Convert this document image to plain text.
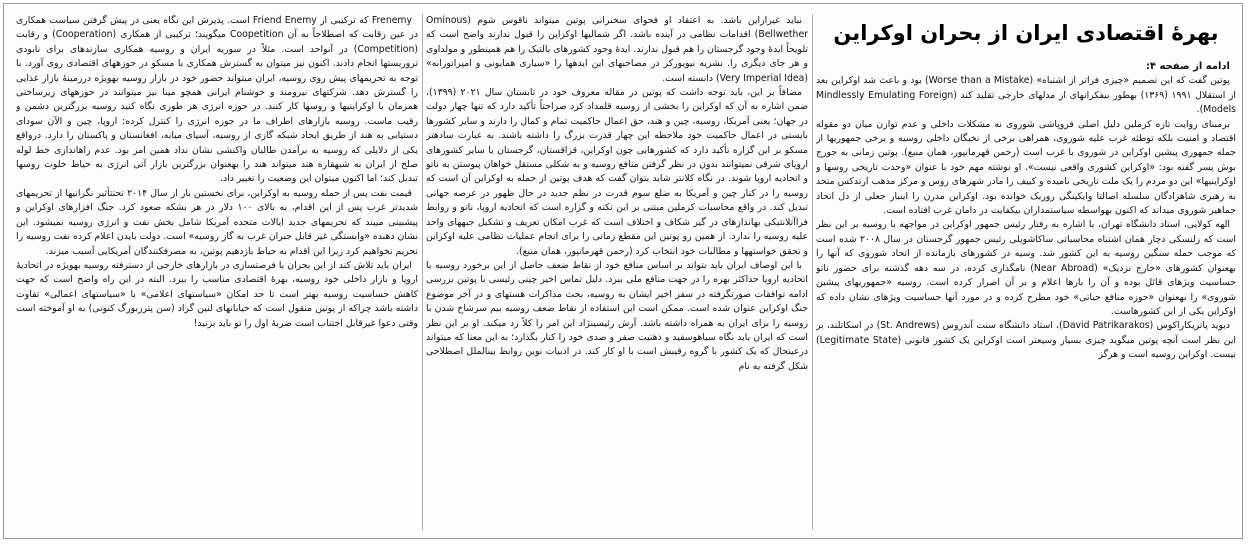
بهرۀ اقتصادی ایران از بحران اوکراین

ادامه از صفحه ۴:

پوتین گفت که این تصمیم «چیزی فراتر از اشتباه» (Worse than a Mistake) بود و باعث شد اوکراین بعد از استقلال ۱۹۹۱ (۱۳۶۹) بهطور بیفکرانهای از مدلهای خارجی تقلید کند (Mindlessly Emulating Foreign Models).

برمبنای روایت تازه کرملین دلیل اصلی فروپاشی شوروی نه مشکلات داخلی و عدم توازن میان دو مقوله اقتصاد و امنیت بلکه توطئه غرب علیه شوروی، همراهی برخی از نخبگان داخلی روسیه و برخی جمهوریها از جمله جمهوری پیشین اوکراین در شوروی با غرب است (رحمن قهرمانپور، همان منبع). پوتین زمانی به جورج بوش پسر گفته بود: «اوکراین کشوری واقعی نیست». او نوشته مهم خود با عنوان «وحدت تاریخی روسها و اوکراینیها» این دو مردم را یک ملت تاریخی نامیده و کییف را مادر شهرهای روس و مرکز مذهب ارتدکس متحد به رهبری شاهزادگان سلسله اصالتا وایکینگی روریک خوانده بود. اوکراین مدرن را اینبار جعلی از دل اتحاد جماهیر شوروی میداند که اکنون بهواسطه سیاستمداران بیکفایت در دامان غرب افتاده است.

الهه کولایی، استاد دانشگاه تهران، با اشاره به رفتار رئیس جمهور اوکراین در مواجهه با روسیه بر این نظر است که زلنسکی دچار همان اشتباه محاسباتی ساکاشویلی رئیس جمهور گرجستان در سال ۲۰۰۸ شده است که موجب حمله سنگین روسیه به این کشور شد. وسیه در کشورهای بازمانده از اتحاد شوروی که آنها را بهعنوان کشورهای «خارج نزدیک» (Near Abroad) نامگذاری کرده، در سه دهه گذشته برای حضور ناتو حساسیت ویژهای قائل بوده و آن را بارها اعلام و بر آن اصرار کرده است. روسیه «جمهوریهای پیشین شوروی» را بهعنوان «حوزه منافع حیاتی» خود مطرح کرده و در مورد آنها حساسیت ویژهای نشان داده که اوکراین یکی از این کشورهاست.

دیوید پاتریکاراکوس (David Patrikarakos)، استاد دانشگاه سنت آندروس (St. Andrews) در اسکاتلند، بر این نظر است آنچه پوتین میگوید چیزی بسیار وسیعتر است اوکراین یک کشور قانونی (Legitimate State) نیست. اوکراین روسیه است و هرگز

نباید غیرازاین باشد. به اعتقاد او فحوای سخنرانی پوتین میتواند ناقوس شوم (Ominous Bellwether) اقدامات نظامی در آینده باشد. اگر شمالیها اوکراین را قبول ندارند واضح است که تلویحاً ایدۀ وجود گرجستان را هم قبول ندارند. ایدۀ وجود کشورهای بالتیک را هم همینطور و مولداوی و هر جای دیگری را. نشریه نیویورکر در مصاحبهای این ایدهها را «سیاری همایونی و امپراتورانه» (Very Imperial Idea) دانسته است.

مضافاً بر این، باید توجه داشت که پوتین در مقاله معروف خود در تابستان سال ۲۰۲۱ (۱۳۹۹)، ضمن اشاره به آن که اوکراین را بخشی از روسیه قلمداد کرد صراحتاً تأکید دارد که تنها چهار دولت در جهان؛ یعنی آمریکا، روسیه، چین و هند، حق اعمال حاکمیت تمام و کمال را دارند و سایر کشورها بایستی در اعمال حاکمیت خود ملاحظه این چهار قدرت بزرگ را داشته باشند. به عبارت سادهتر مسکو بر این گزاره تأکید دارد که کشورهایی چون اوکراین، قزاقستان، گرجستان یا سایر کشورهای اروپای شرقی نمیتوانند بدون در نظر گرفتن منافع روسیه و به شکلی مستقل خواهان پیوستن به ناتو و اتحادیه اروپا شوند. در نگاه کلانتر شاید بتوان گفت که هدف پوتین از حمله به اوکراین آن است که روسیه را در کنار چین و آمریکا به ضلع سوم قدرت در نظم جدید در حال ظهور در عرصه جهانی تبدیل کند. در واقع محاسبات کرملین مبتنی بر این نکته و گزاره است که اتحادیه اروپا، ناتو و روابط فراآتلانتیکی بهاندازهای در گیر شکاف و اختلاف است که غرب امکان تعریف و تشکیل جبههای واحد علیه روسیه را ندارد. از همین رو پوتین این مقطع زمانی را برای انجام عملیات نظامی علیه اوکراین و تحقق خواستهها و مطالبات خود انتخاب کرد (رحمن قهرمانپور، همان منبع).

با این اوصاف ایران باید بتواند بر اساس منافع خود از نقاط ضعف حاصل از این برخورد روسیه با اتحادیه اروپا حداکثر بهره را در جهت منافع ملی ببرد. دلیل تماس اخیر چینی رئیسی با پوتین بررسی ادامه توافقات صورتگرفته در سفر اخیر ایشان به روسیه، بحث مذاکرات هستهای و در آخر موضوع جنگ اوکراین عنوان شده است. ممکن است این استفاده از نقاط ضعف روسیه بیم سرشاخ شدن با روسیه را برای ایران به همراه داشته باشد. آرش رئیسینژاد این امر را کلاً رد میکند. او بر این نظر است که ایران باید نگاه سیاهوسفید و ذهنیت صفر و صدی خود را کنار بگذارد؛ به این معنا که میتواند درعینحال که یک کشور با گروه رقیبش است با او کار کند. در ادبیات نوین روابط بینالملل اصطلاحی شکل گرفته به نام

Frenemy که ترکیبی از Friend Enemy است. پذیرش این نگاه یعنی در پیش گرفتن سیاست همکاری در عین رقابت که اصطلاحاً به آن Coopetition میگویند؛ ترکیبی از همکاری (Cooperation) و رقابت (Competition) در آنواحد است. مثلاً در سوریه ایران و روسیه همکاری سازندهای برای نابودی تروریستها انجام دادند. اکنون نیز میتوان به گسترش همکاری با مسکو در حوزههای اقتصادی روی آورد. با توجه به تحریمهای پیش روی روسیه، ایران میتواند حضور خود در بازار روسیه بهویژه درزمینۀ بازار غذایی را گسترش دهد. شرکتهای نیرومند و خوشنام ایرانی همچو مینا نیز میتوانند در حوزههای زیرساختی همزمان با اوکراینیها و روسها کار کنند. در حوزه انرژی هر طوری نگاه کنید روسیه بزرگترین دشمن و رقیب ماست. روسیه بازارهای اطراف ما در حوزه انرژی را کنترل کرده: اروپا، چین و الآن سودای دستیابی به هند از طریق ایجاد شبکه گازی از روسیه، آسیای میانه، افغانستان و پاکستان را دارد. درواقع یکی از دلایلی که روسیه به برآمدن طالبان واکنشی نشان نداد همین امر بود. عدم راهاندازی خط لوله صلح از ایران به شبهقاره هند میتواند هند را بهعنوان بزرگترین بازار آتی انرژی به حیاط خلوت روسها تبدیل کند؛ اما اکنون میتوان این وضعیت را تغییر داد.

قیمت نفت پس از حمله روسیه به اوکراین، برای نخستین بار از سال ۲۰۱۴ تحتتأثیر نگرانیها از تحریمهای شدیدتر غرب پس از این اقدام، به بالای ۱۰۰ دلار در هر بشکه صعود کرد. جنگ افزارهای اوکراین و پیشبینی مییند که تحریمهای جدید ایالات متحده آمریکا شامل بخش نفت و انرژی روسیه نمیشود. این نشان دهنده «وابستگی غیر قابل جبران غرب به گاز روسیه» است. دولت بایدن اعلام کرده نفت روسیه را تحریم نخواهیم کرد زیرا این اقدام به حیاط بازدهیم پوتین، به مصرفکنندگان آمریکایی آسیب میزند.

ایران باید تلاش کند از این بحران با فرصتسازی در بازارهای خارجی از دسترفته روسیه بهویژه در اتحادیۀ اروپا و بازار داخلی خود روسیه، بهرۀ اقتصادی مناسب را ببرد. البته در این راه واضح است که جهت کاهش حساسیت روسیه بهتر است تا حد امکان «سیاستهای اعلامی» با «سیاستهای اعمالی» تفاوت داشته باشد چراکه از پوتین منقول است که خیابانهای لنین گراد (سن پترزبورگ کنونی) به او آموخته است وقتی دعوا غیرقابل اجتناب است ضربۀ اول را تو باید بزنید!
